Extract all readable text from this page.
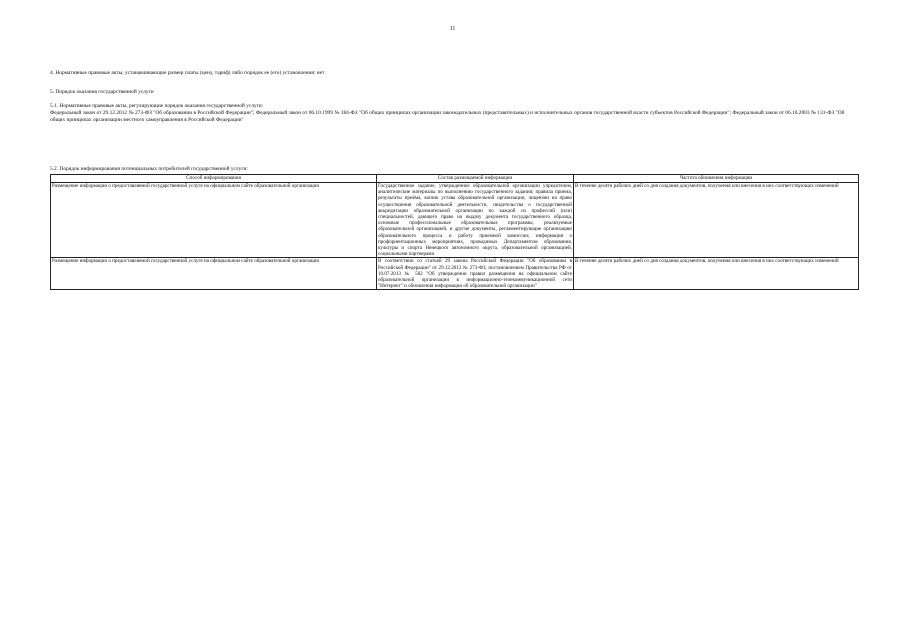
11
4. Нормативные правовые акты, устанавливающие размер платы (цену, тариф) либо порядок ее (его) установления: нет
5. Порядок оказания государственной услуги
5.1. Нормативные правовые акты, регулирующие порядок оказания государственной услуги:
Федеральный закон от 29.12.2012 № 273-ФЗ "Об образовании в Российской Федерации"; Федеральный закон от 06.10.1999 № 184-ФЗ "Об общих принципах организации законодательных (представительных) и исполнительных органов государственной власти субъектов Российской Федерации"; Федеральный закон от 06.10.2003 № 131-ФЗ "Об общих принципах организации местного самоуправления в Российской Федерации"
5.2. Порядок информирования потенциальных потребителей государственной услуги:
Способ информирования	Состав размещаемой информации	Частота обновления информации
Размещение информации о предоставляемой государственной услуге на официальном сайте образовательной организации	Государственное задание, утвержденное образовательной организации учредителем, аналитические материалы по выполнению государственного задания; правила приема, результаты приёма, копию устава образовательной организации, лицензии на право осуществления образовательной деятельности, свидетельства о государственной аккредитации образовательной организации по каждой из профессий (или) специальностей, дающего право на выдачу документа государственного образца, основные профессиональные образовательные программы, реализуемые образовательной организацией, и другие документы, регламентирующие организацию образовательного процесса и работу приемной комиссии; информация о профориентационных мероприятиях, проводимых Департаментом образования, культуры и спорта Ненецкого автономного округа, образовательной организацией, социальными партнерами	В течение десяти рабочих дней со дня создания документов, получения или внесения в них соответствующих изменений
Размещение информации о предоставляемой государственной услуге на официальном сайте образовательной организации	В соответствии со статьей 29 закона Российской Федерации "Об образовании в Российской Федерации" от 29.12.2012 № 273-ФЗ, постановлением Правительства РФ от 10.07.2013 № 582 "Об утверждении правил размещения на официальном сайте образовательной организации в информационно-телекоммуникационной сети "Интернет" и обновления информации об образовательной организации"	В течение десяти рабочих дней со дня создания документов, получения или внесения в них соответствующих изменений
